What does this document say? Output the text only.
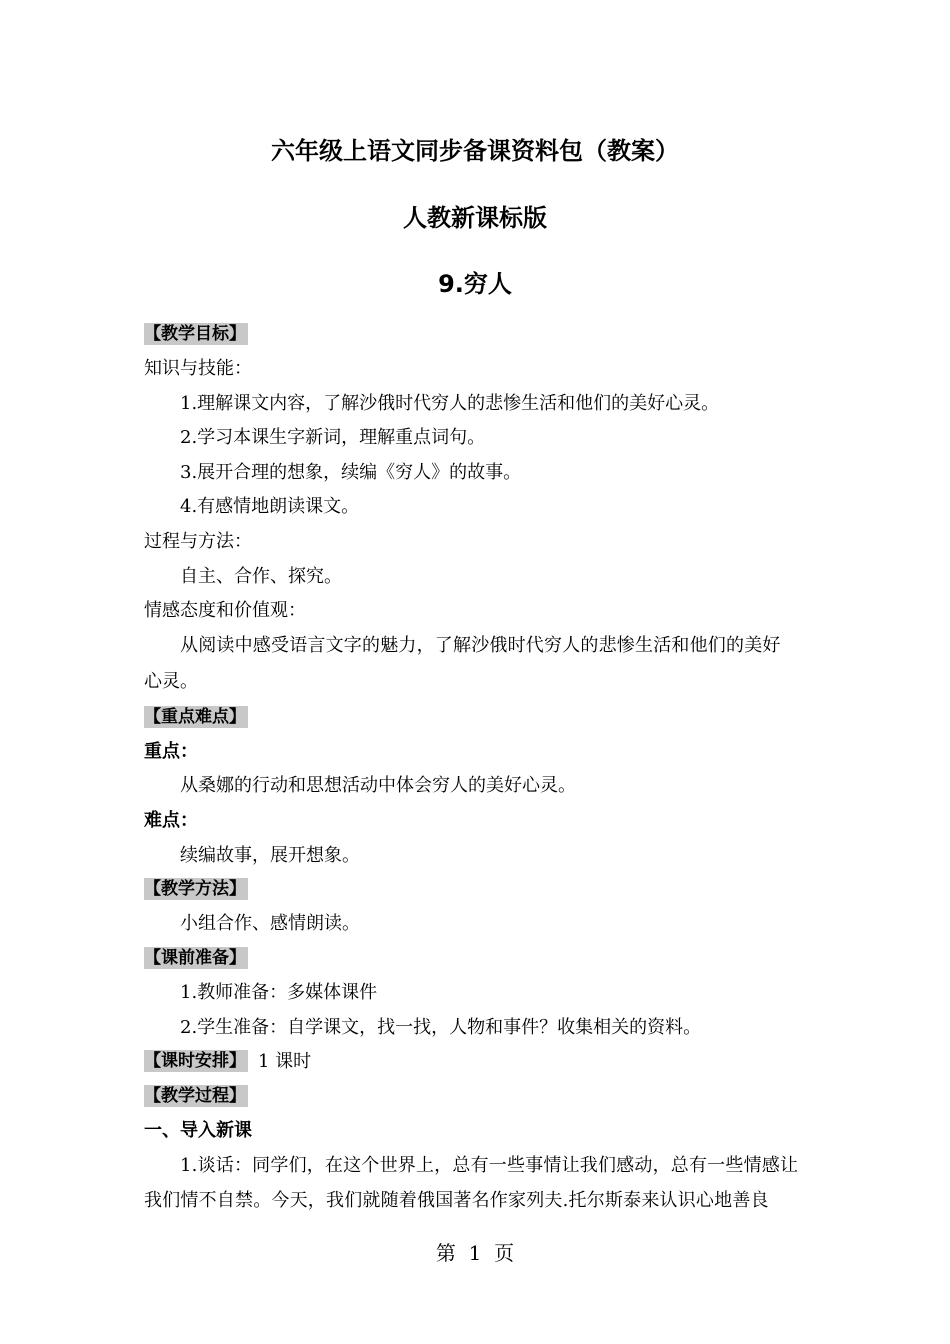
六年级上语文同步备课资料包（教案）
人教新课标版
9.穷人
【教学目标】
知识与技能：
1.理解课文内容，了解沙俄时代穷人的悲惨生活和他们的美好心灵。
2.学习本课生字新词，理解重点词句。
3.展开合理的想象，续编《穷人》的故事。
4.有感情地朗读课文。
过程与方法：
自主、合作、探究。
情感态度和价值观：
从阅读中感受语言文字的魅力，了解沙俄时代穷人的悲惨生活和他们的美好
心灵。
【重点难点】
重点：
从桑娜的行动和思想活动中体会穷人的美好心灵。
难点：
续编故事，展开想象。
【教学方法】
小组合作、感情朗读。
【课前准备】
1.教师准备：多媒体课件
2.学生准备：自学课文，找一找，人物和事件？收集相关的资料。
【课时安排】 1 课时
【教学过程】
一、导入新课
1.谈话：同学们，在这个世界上，总有一些事情让我们感动，总有一些情感让
我们情不自禁。今天，我们就随着俄国著名作家列夫.托尔斯泰来认识心地善良
第  1  页
